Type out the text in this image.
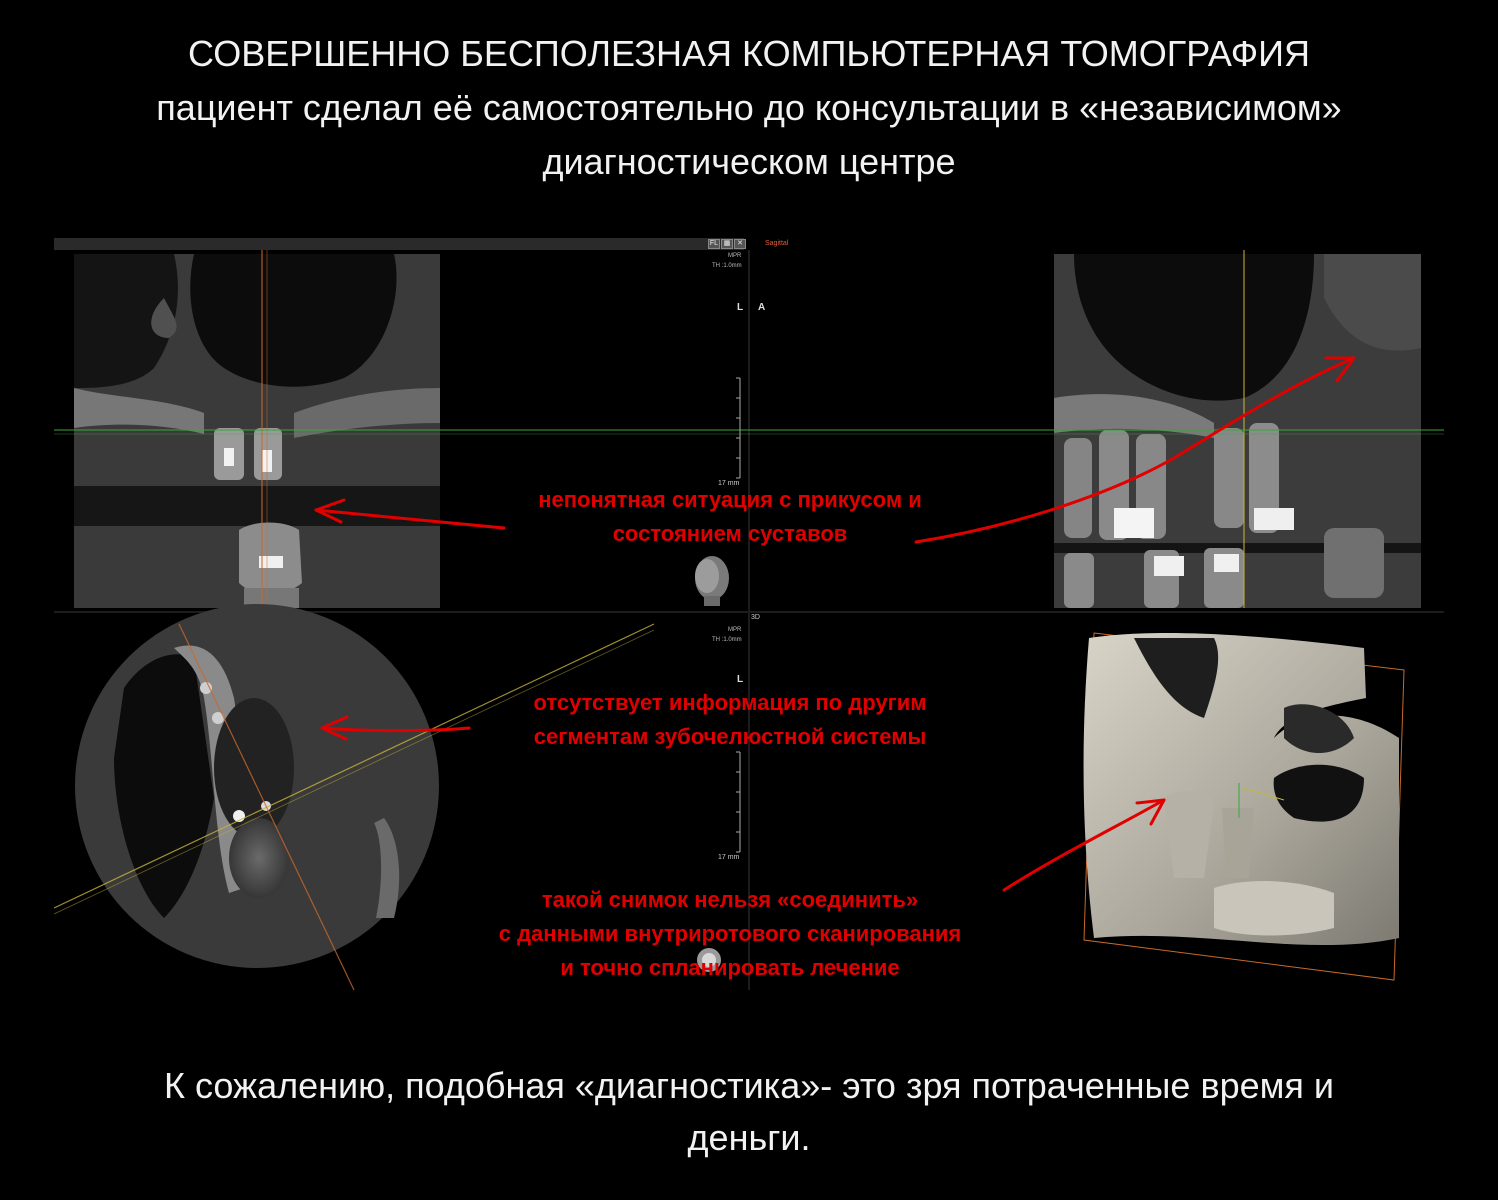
СОВЕРШЕННО БЕСПОЛЕЗНАЯ КОМПЬЮТЕРНАЯ ТОМОГРАФИЯ
пациент сделал её самостоятельно до консультации в «независимом»
диагностическом центре
FL ▦ ✕	Sagittal
MPR
TH :1.0mm
L A
17 mm
3D
MPR
TH :1.0mm
L
17 mm
непонятная ситуация с прикусом и
состоянием суставов
отсутствует информация по другим
сегментам зубочелюстной системы
такой снимок нельзя «соединить»
с данными внутриротового сканирования
и точно спланировать лечение
К сожалению, подобная «диагностика»- это зря потраченные время и
деньги.
